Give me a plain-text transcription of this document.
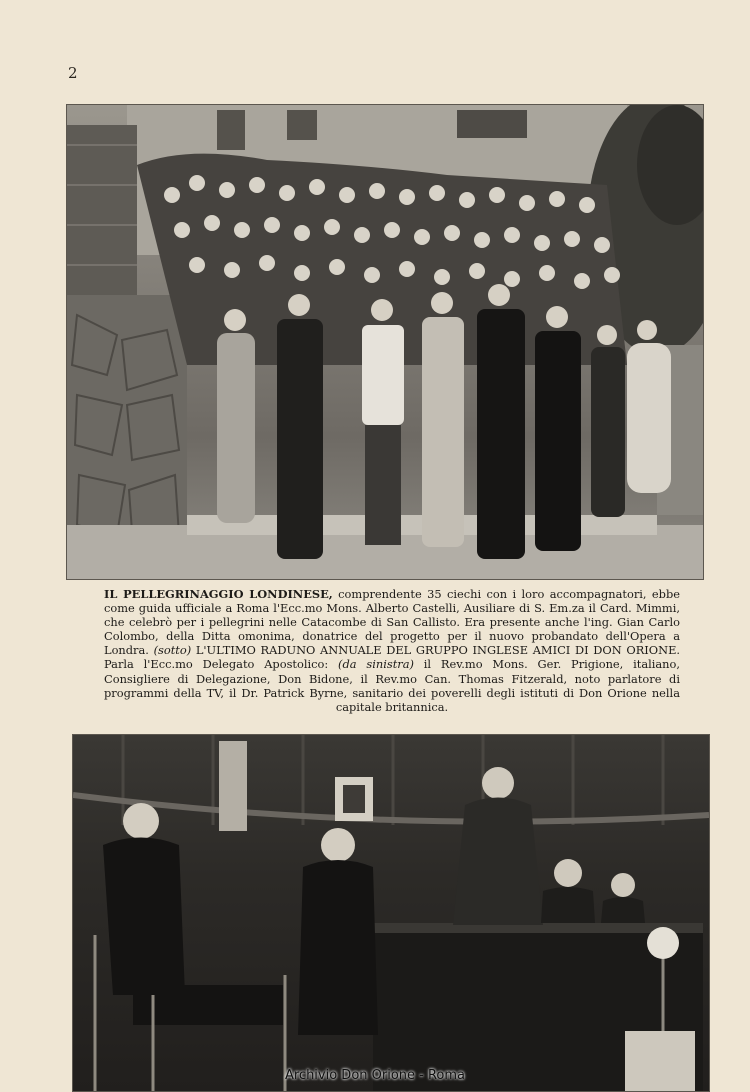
2
IL PELLEGRINAGGIO LONDINESE, comprendente 35 ciechi con i loro accompagnatori, ebbe come guida ufficiale a Roma l'Ecc.mo Mons. Alberto Castelli, Ausiliare di S. Em.za il Card. Mimmi, che celebrò per i pellegrini nelle Catacombe di San Callisto. Era presente anche l'ing. Gian Carlo Colombo, della Ditta omonima, donatrice del progetto per il nuovo probandato dell'Opera a Londra. (sotto) L'ULTIMO RADUNO ANNUALE DEL GRUPPO INGLESE AMICI DI DON ORIONE. Parla l'Ecc.mo Delegato Apostolico: (da sinistra) il Rev.mo Mons. Ger. Prigione, italiano, Consigliere di Delegazione, Don Bidone, il Rev.mo Can. Thomas Fitzerald, noto parlatore di programmi della TV, il Dr. Patrick Byrne, sanitario dei poverelli degli istituti di Don Orione nella capitale britannica.
Archivio Don Orione - Roma
